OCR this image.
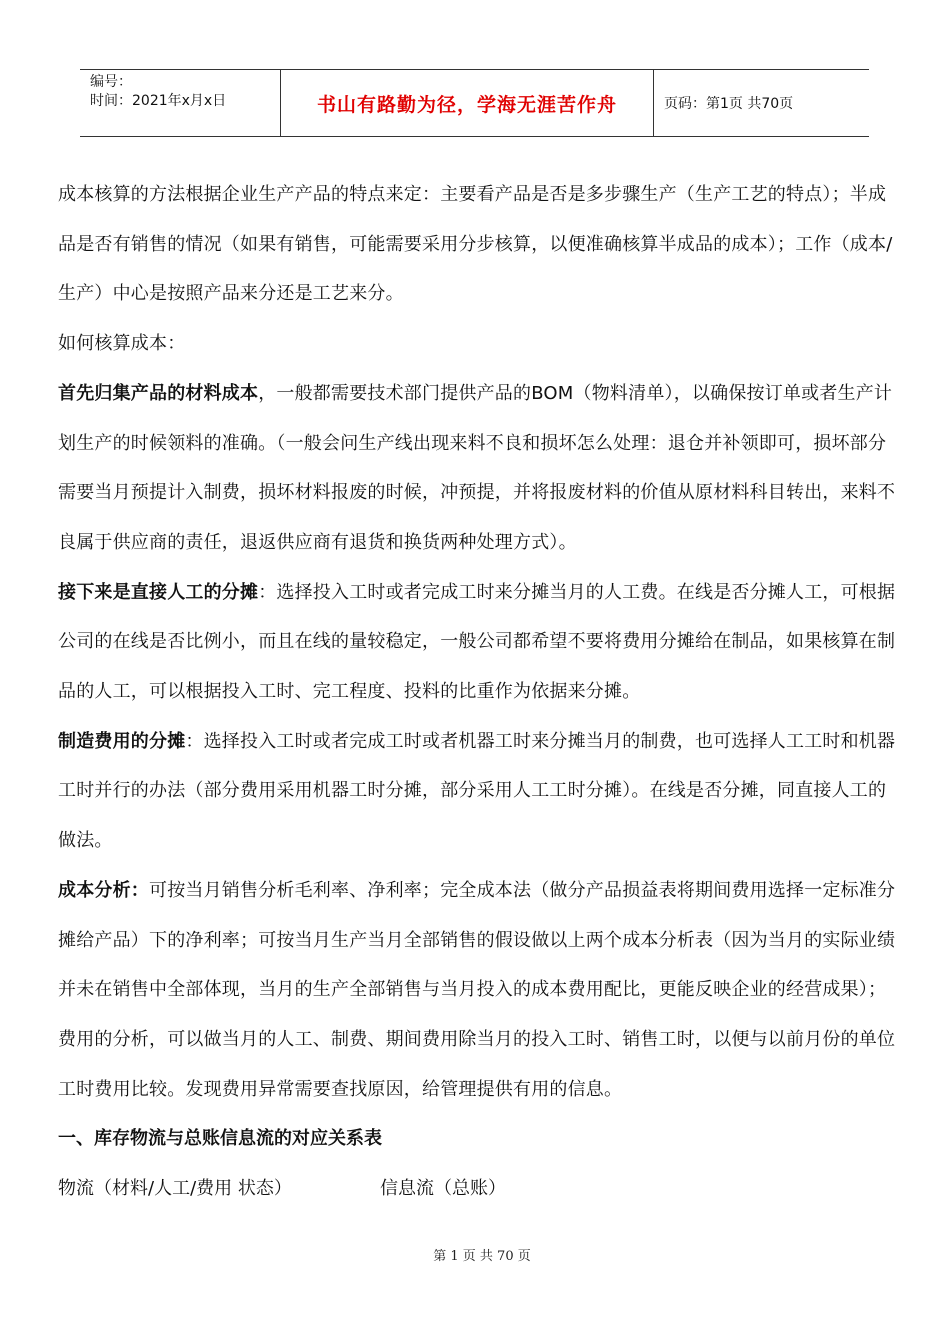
编号：
时间：2021年x月x日	书山有路勤为径，学海无涯苦作舟	页码：第1页 共70页

成本核算的方法根据企业生产产品的特点来定：主要看产品是否是多步骤生产（生产工艺的特点）；半成品是否有销售的情况（如果有销售，可能需要采用分步核算，以便准确核算半成品的成本）；工作（成本/生产）中心是按照产品来分还是工艺来分。

如何核算成本：

首先归集产品的材料成本，一般都需要技术部门提供产品的BOM（物料清单），以确保按订单或者生产计划生产的时候领料的准确。（一般会问生产线出现来料不良和损坏怎么处理：退仓并补领即可，损坏部分需要当月预提计入制费，损坏材料报废的时候，冲预提，并将报废材料的价值从原材料科目转出，来料不良属于供应商的责任，退返供应商有退货和换货两种处理方式）。

接下来是直接人工的分摊：选择投入工时或者完成工时来分摊当月的人工费。在线是否分摊人工，可根据公司的在线是否比例小，而且在线的量较稳定，一般公司都希望不要将费用分摊给在制品，如果核算在制品的人工，可以根据投入工时、完工程度、投料的比重作为依据来分摊。

制造费用的分摊：选择投入工时或者完成工时或者机器工时来分摊当月的制费，也可选择人工工时和机器工时并行的办法（部分费用采用机器工时分摊，部分采用人工工时分摊）。在线是否分摊，同直接人工的做法。

成本分析：可按当月销售分析毛利率、净利率；完全成本法（做分产品损益表将期间费用选择一定标准分摊给产品）下的净利率；可按当月生产当月全部销售的假设做以上两个成本分析表（因为当月的实际业绩并未在销售中全部体现，当月的生产全部销售与当月投入的成本费用配比，更能反映企业的经营成果）；费用的分析，可以做当月的人工、制费、期间费用除当月的投入工时、销售工时，以便与以前月份的单位工时费用比较。发现费用异常需要查找原因，给管理提供有用的信息。

一、库存物流与总账信息流的对应关系表

物流（材料/人工/费用 状态）	信息流（总账）
第 1 页 共 70 页
